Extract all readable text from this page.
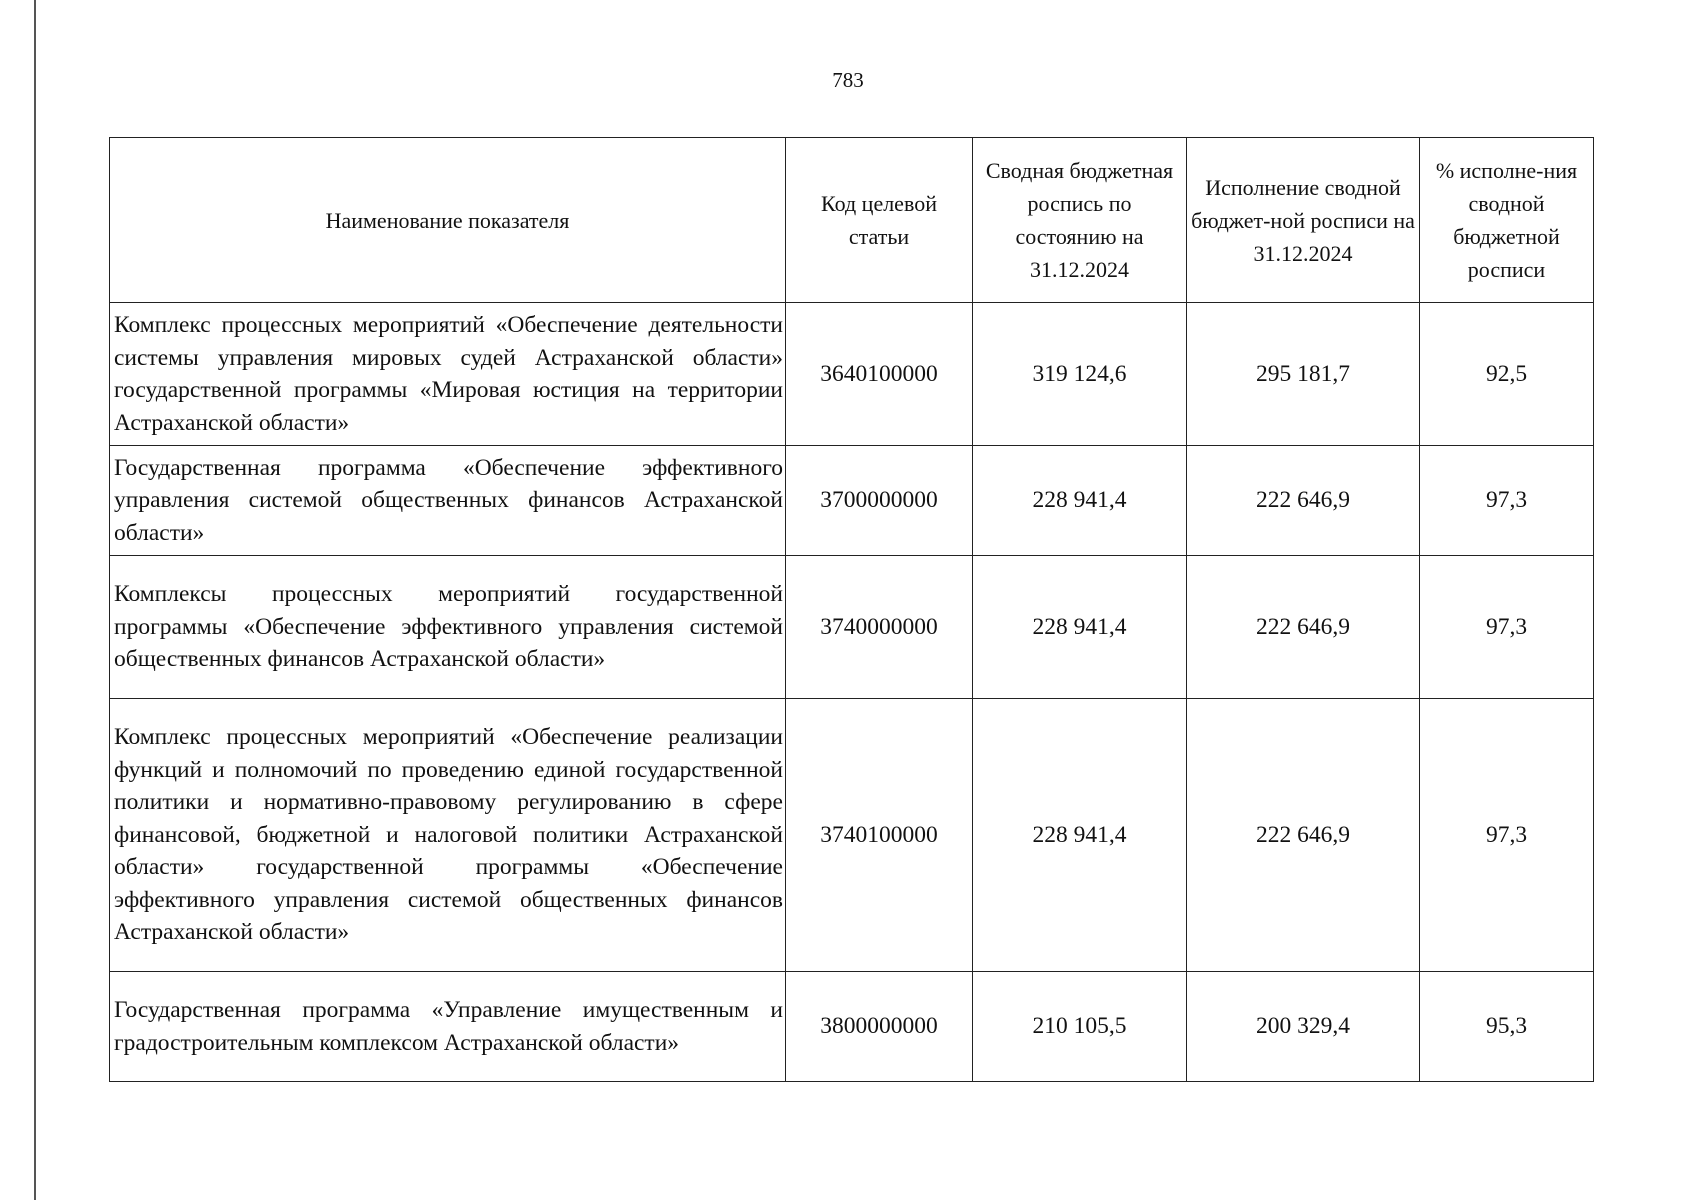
783
Наименование показателя	Код целевой статьи	Сводная бюджетная роспись по состоянию на 31.12.2024	Исполнение сводной бюджет-ной росписи на 31.12.2024	% исполне-ния сводной бюджетной росписи
Комплекс процессных мероприятий «Обеспечение деятельности системы управления мировых судей Астраханской области» государственной программы «Мировая юстиция на территории Астраханской области»	3640100000	319 124,6	295 181,7	92,5
Государственная программа «Обеспечение эффективного управления системой общественных финансов Астраханской области»	3700000000	228 941,4	222 646,9	97,3
Комплексы процессных мероприятий государственной программы «Обеспечение эффективного управления системой общественных финансов Астраханской области»	3740000000	228 941,4	222 646,9	97,3
Комплекс процессных мероприятий «Обеспечение реализации функций и полномочий по проведению единой государственной политики и нормативно-правовому регулированию в сфере финансовой, бюджетной и налоговой политики Астраханской области» государственной программы «Обеспечение эффективного управления системой общественных финансов Астраханской области»	3740100000	228 941,4	222 646,9	97,3
Государственная программа «Управление имущественным и градостроительным комплексом Астраханской области»	3800000000	210 105,5	200 329,4	95,3
